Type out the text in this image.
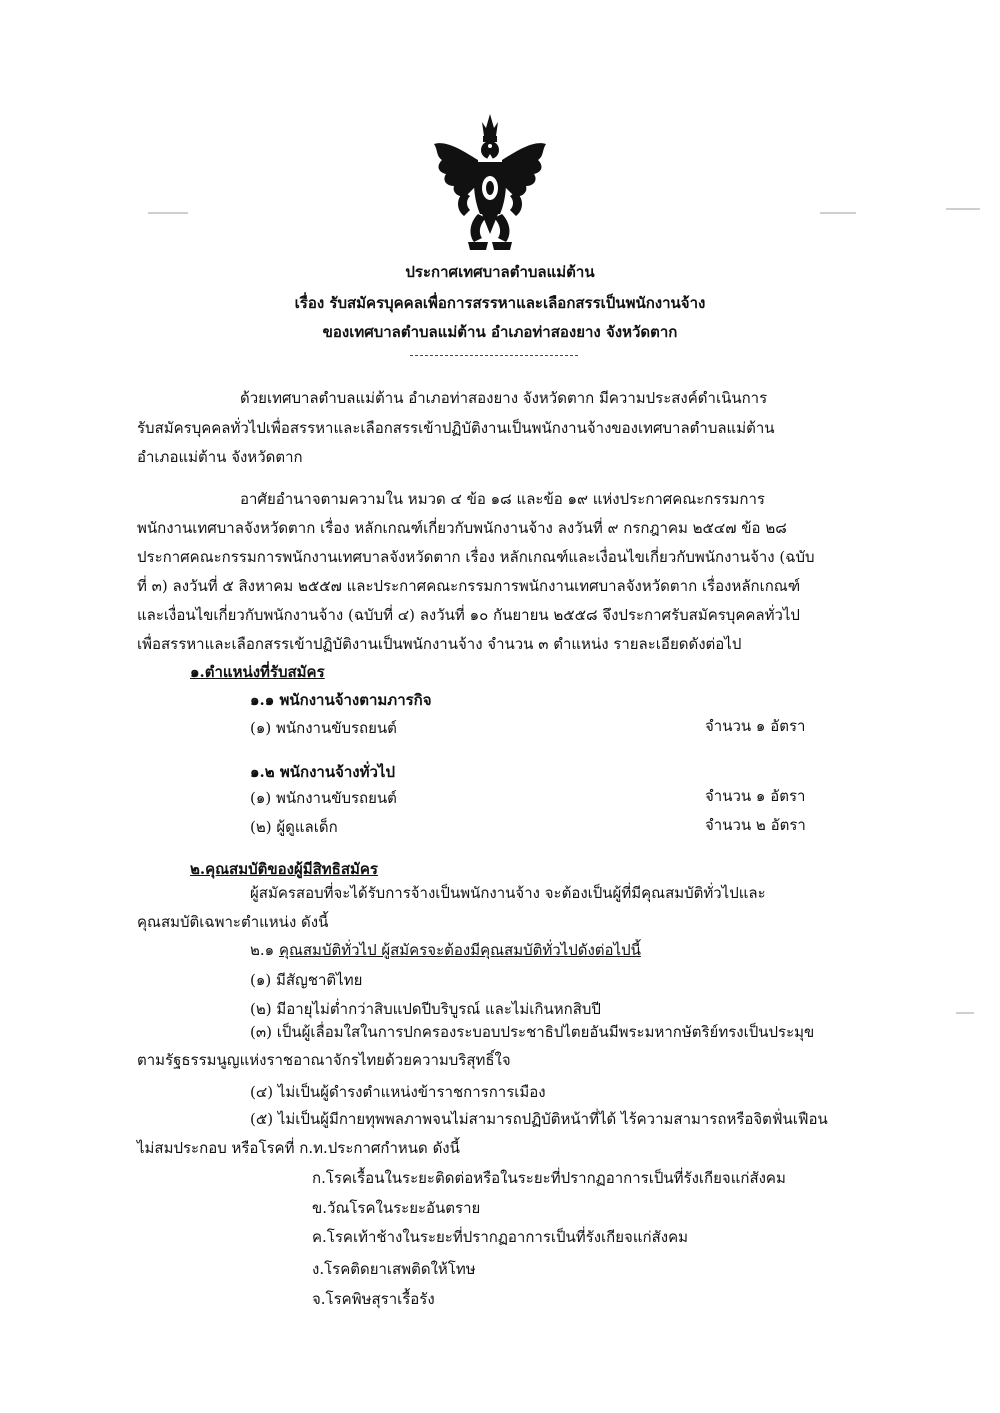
ประกาศเทศบาลตำบลแม่ต้าน
เรื่อง รับสมัครบุคคลเพื่อการสรรหาและเลือกสรรเป็นพนักงานจ้าง
ของเทศบาลตำบลแม่ต้าน อำเภอท่าสองยาง จังหวัดตาก
ด้วยเทศบาลตำบลแม่ต้าน อำเภอท่าสองยาง จังหวัดตาก มีความประสงค์ดำเนินการ
รับสมัครบุคคลทั่วไปเพื่อสรรหาและเลือกสรรเข้าปฏิบัติงานเป็นพนักงานจ้างของเทศบาลตำบลแม่ต้าน
อำเภอแม่ต้าน จังหวัดตาก
อาศัยอำนาจตามความใน หมวด ๔ ข้อ ๑๘ และข้อ ๑๙ แห่งประกาศคณะกรรมการ
พนักงานเทศบาลจังหวัดตาก เรื่อง หลักเกณฑ์เกี่ยวกับพนักงานจ้าง ลงวันที่ ๙ กรกฎาคม ๒๕๔๗ ข้อ ๒๘
ประกาศคณะกรรมการพนักงานเทศบาลจังหวัดตาก เรื่อง หลักเกณฑ์และเงื่อนไขเกี่ยวกับพนักงานจ้าง (ฉบับ
ที่ ๓) ลงวันที่ ๕ สิงหาคม ๒๕๕๗ และประกาศคณะกรรมการพนักงานเทศบาลจังหวัดตาก เรื่องหลักเกณฑ์
และเงื่อนไขเกี่ยวกับพนักงานจ้าง (ฉบับที่ ๔) ลงวันที่ ๑๐ กันยายน ๒๕๕๘ จึงประกาศรับสมัครบุคคลทั่วไป
เพื่อสรรหาและเลือกสรรเข้าปฏิบัติงานเป็นพนักงานจ้าง จำนวน ๓ ตำแหน่ง รายละเอียดดังต่อไป
๑.ตำแหน่งที่รับสมัคร
๑.๑ พนักงานจ้างตามภารกิจ
(๑) พนักงานขับรถยนต์	จำนวน ๑ อัตรา
๑.๒ พนักงานจ้างทั่วไป
(๑) พนักงานขับรถยนต์	จำนวน ๑ อัตรา
(๒) ผู้ดูแลเด็ก	จำนวน ๒ อัตรา
๒.คุณสมบัติของผู้มีสิทธิสมัคร
ผู้สมัครสอบที่จะได้รับการจ้างเป็นพนักงานจ้าง จะต้องเป็นผู้ที่มีคุณสมบัติทั่วไปและ
คุณสมบัติเฉพาะตำแหน่ง ดังนี้
๒.๑ คุณสมบัติทั่วไป ผู้สมัครจะต้องมีคุณสมบัติทั่วไปดังต่อไปนี้
(๑) มีสัญชาติไทย
(๒) มีอายุไม่ต่ำกว่าสิบแปดปีบริบูรณ์ และไม่เกินหกสิบปี
(๓) เป็นผู้เลื่อมใสในการปกครองระบอบประชาธิปไตยอันมีพระมหากษัตริย์ทรงเป็นประมุข
ตามรัฐธรรมนูญแห่งราชอาณาจักรไทยด้วยความบริสุทธิ์ใจ
(๔) ไม่เป็นผู้ดำรงตำแหน่งข้าราชการการเมือง
(๕) ไม่เป็นผู้มีกายทุพพลภาพจนไม่สามารถปฏิบัติหน้าที่ได้ ไร้ความสามารถหรือจิตฟั่นเฟือน
ไม่สมประกอบ หรือโรคที่ ก.ท.ประกาศกำหนด ดังนี้
ก.โรคเรื้อนในระยะติดต่อหรือในระยะที่ปรากฏอาการเป็นที่รังเกียจแก่สังคม
ข.วัณโรคในระยะอันตราย
ค.โรคเท้าช้างในระยะที่ปรากฏอาการเป็นที่รังเกียจแก่สังคม
ง.โรคติดยาเสพติดให้โทษ
จ.โรคพิษสุราเรื้อรัง
